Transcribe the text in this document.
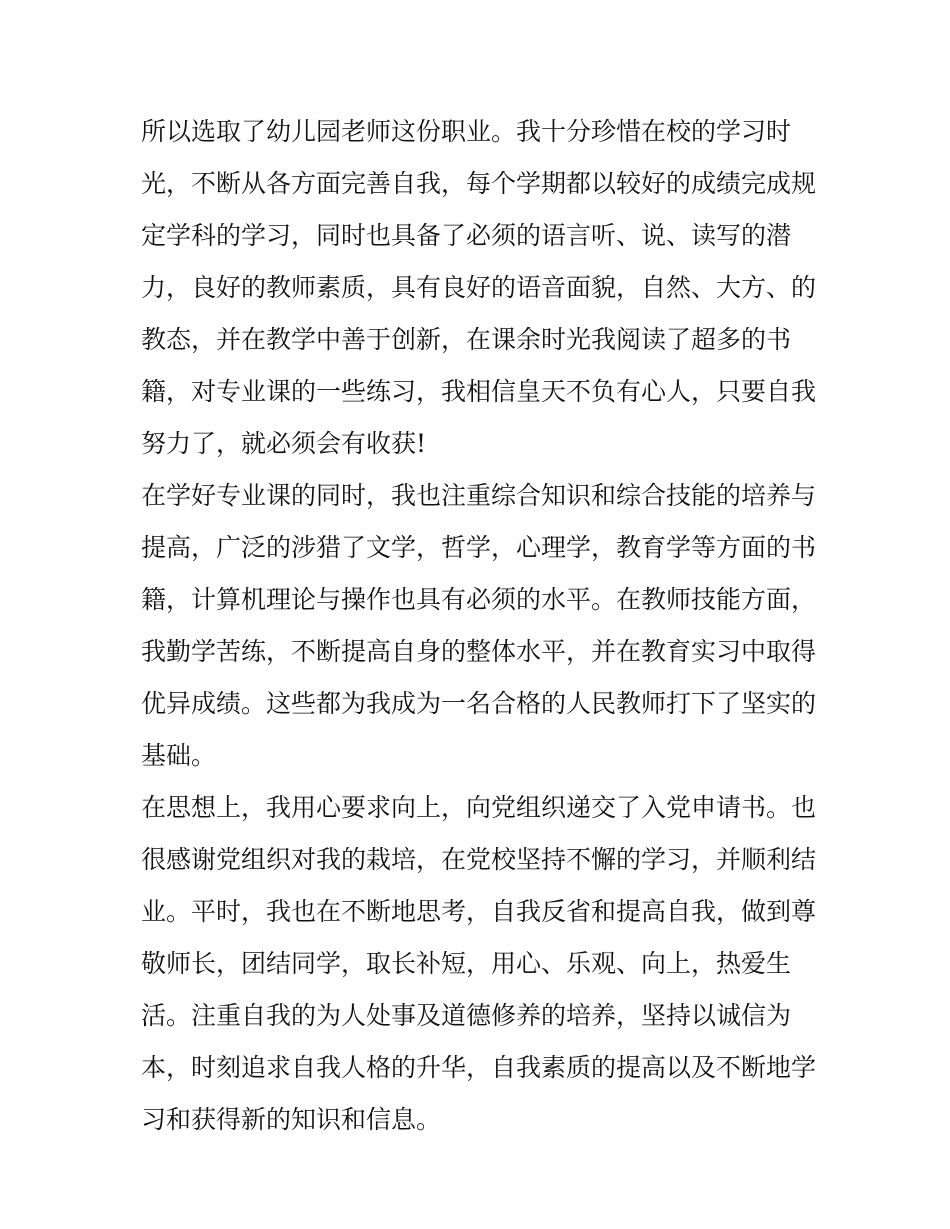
所以选取了幼儿园老师这份职业。我十分珍惜在校的学习时
光，不断从各方面完善自我，每个学期都以较好的成绩完成规
定学科的学习，同时也具备了必须的语言听、说、读写的潜
力，良好的教师素质，具有良好的语音面貌，自然、大方、的
教态，并在教学中善于创新，在课余时光我阅读了超多的书
籍，对专业课的一些练习，我相信皇天不负有心人，只要自我
努力了，就必须会有收获!
在学好专业课的同时，我也注重综合知识和综合技能的培养与
提高，广泛的涉猎了文学，哲学，心理学，教育学等方面的书
籍，计算机理论与操作也具有必须的水平。在教师技能方面，
我勤学苦练，不断提高自身的整体水平，并在教育实习中取得
优异成绩。这些都为我成为一名合格的人民教师打下了坚实的
基础。
在思想上，我用心要求向上，向党组织递交了入党申请书。也
很感谢党组织对我的栽培，在党校坚持不懈的学习，并顺利结
业。平时，我也在不断地思考，自我反省和提高自我，做到尊
敬师长，团结同学，取长补短，用心、乐观、向上，热爱生
活。注重自我的为人处事及道德修养的培养，坚持以诚信为
本，时刻追求自我人格的升华，自我素质的提高以及不断地学
习和获得新的知识和信息。
